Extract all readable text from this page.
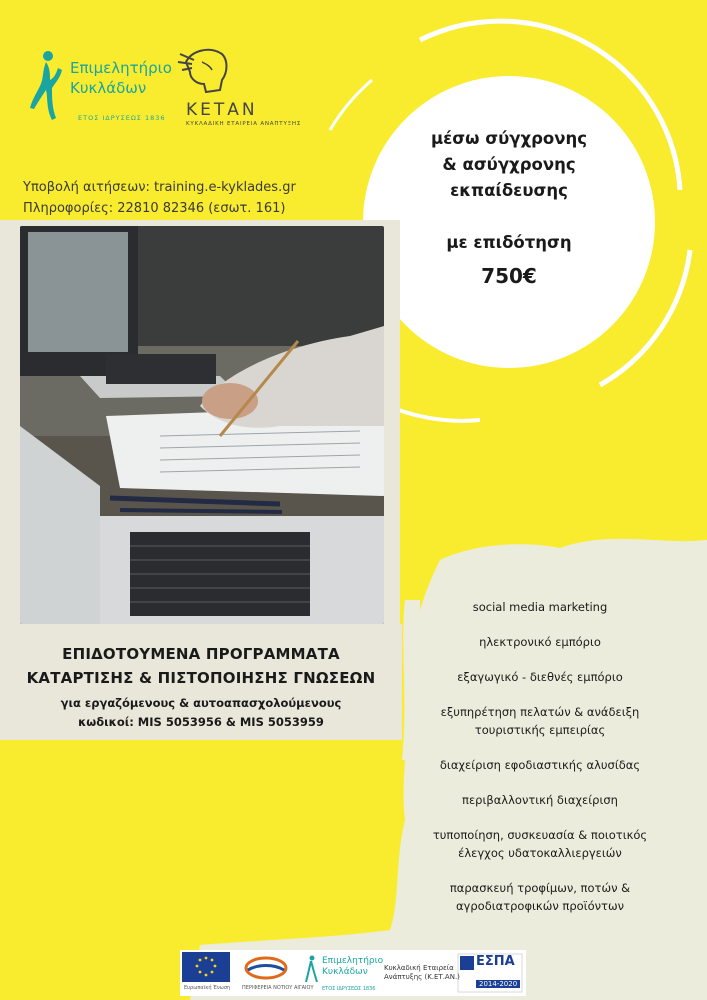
Επιμελητήριο
Κυκλάδων
ΕΤΟΣ ΙΔΡΥΣΕΩΣ 1836 ΚΕΤΑΝ
ΚΥΚΛΑΔΙΚΗ ΕΤΑΙΡΕΙΑ ΑΝΑΠΤΥΞΗΣ
Υποβολή αιτήσεων: training.e-kyklades.gr
Πληροφορίες: 22810 82346 (εσωτ. 161)
ΕΠΙΔΟΤΟΥΜΕΝΑ ΠΡΟΓΡΑΜΜΑΤΑ
ΚΑΤΑΡΤΙΣΗΣ & ΠΙΣΤΟΠΟΙΗΣΗΣ ΓΝΩΣΕΩΝ
για εργαζόμενους & αυτοαπασχολούμενους
κωδικοί: MIS 5053956 & MIS 5053959
μέσω σύγχρονης
& ασύγχρονης
εκπαίδευσης
με επιδότηση
750€
social media marketing
ηλεκτρονικό εμπόριο
εξαγωγικό - διεθνές εμπόριο
εξυπηρέτηση πελατών & ανάδειξη
τουριστικής εμπειρίας
διαχείριση εφοδιαστικής αλυσίδας
περιβαλλοντική διαχείριση
τυποποίηση, συσκευασία & ποιοτικός
έλεγχος υδατοκαλλιεργειών
παρασκευή τροφίμων, ποτών &
αγροδιατροφικών προϊόντων
Ευρωπαϊκή Ένωση ΠΕΡΙΦΕΡΕΙΑ ΝΟΤΙΟΥ ΑΙΓΑΙΟΥ
Επιμελητήριο
Κυκλάδων
ΕΤΟΣ ΙΔΡΥΣΕΩΣ 1836
Κυκλαδική Εταιρεία
Ανάπτυξης (Κ.ΕΤ.ΑΝ.)
ΕΣΠΑ
2014-2020
